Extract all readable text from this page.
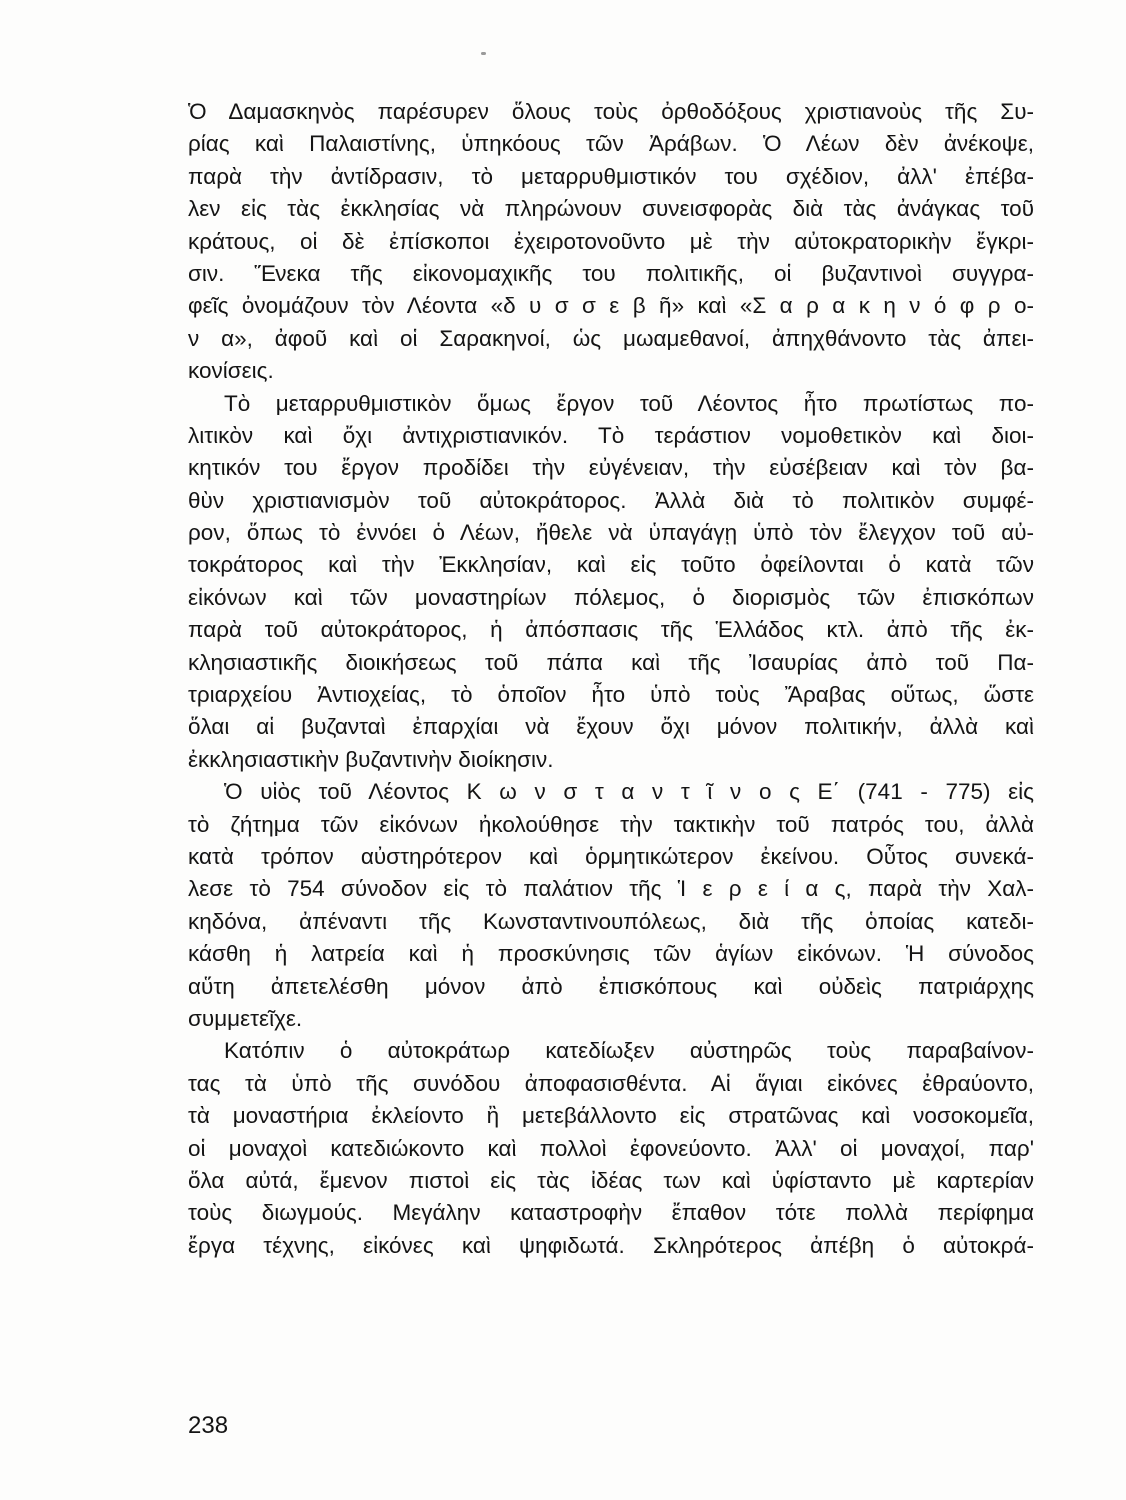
Ὁ Δαμασκηνὸς παρέσυρεν ὅλους τοὺς ὀρθοδόξους χριστιανοὺς τῆς Συ-
ρίας καὶ Παλαιστίνης, ὑπηκόους τῶν Ἀράβων. Ὁ Λέων δὲν ἀνέκοψε,
παρὰ τὴν ἀντίδρασιν, τὸ μεταρρυθμιστικόν του σχέδιον, ἀλλ' ἐπέβα-
λεν εἰς τὰς ἐκκλησίας νὰ πληρώνουν συνεισφορὰς διὰ τὰς ἀνάγκας τοῦ
κράτους, οἱ δὲ ἐπίσκοποι ἐχειροτονοῦντο μὲ τὴν αὐτοκρατορικὴν ἔγκρι-
σιν. Ἕνεκα τῆς εἰκονομαχικῆς του πολιτικῆς, οἱ βυζαντινοὶ συγγρα-
φεῖς ὀνομάζουν τὸν Λέοντα «δ υ σ σ ε β ῆ» καὶ «Σ α ρ α κ η ν ό φ ρ ο-
ν α», ἀφοῦ καὶ οἱ Σαρακηνοί, ὡς μωαμεθανοί, ἀπηχθάνοντο τὰς ἀπει-
κονίσεις.
Τὸ μεταρρυθμιστικὸν ὅμως ἔργον τοῦ Λέοντος ἦτο πρωτίστως πο-
λιτικὸν καὶ ὄχι ἀντιχριστιανικόν. Τὸ τεράστιον νομοθετικὸν καὶ διοι-
κητικόν του ἔργον προδίδει τὴν εὐγένειαν, τὴν εὐσέβειαν καὶ τὸν βα-
θὺν χριστιανισμὸν τοῦ αὐτοκράτορος. Ἀλλὰ διὰ τὸ πολιτικὸν συμφέ-
ρον, ὅπως τὸ ἐννόει ὁ Λέων, ἤθελε νὰ ὑπαγάγῃ ὑπὸ τὸν ἔλεγχον τοῦ αὐ-
τοκράτορος καὶ τὴν Ἐκκλησίαν, καὶ εἰς τοῦτο ὀφείλονται ὁ κατὰ τῶν
εἰκόνων καὶ τῶν μοναστηρίων πόλεμος, ὁ διορισμὸς τῶν ἐπισκόπων
παρὰ τοῦ αὐτοκράτορος, ἡ ἀπόσπασις τῆς Ἑλλάδος κτλ. ἀπὸ τῆς ἐκ-
κλησιαστικῆς διοικήσεως τοῦ πάπα καὶ τῆς Ἰσαυρίας ἀπὸ τοῦ Πα-
τριαρχείου Ἀντιοχείας, τὸ ὁποῖον ἦτο ὑπὸ τοὺς Ἄραβας οὕτως, ὥστε
ὅλαι αἱ βυζανταὶ ἐπαρχίαι νὰ ἔχουν ὄχι μόνον πολιτικήν, ἀλλὰ καὶ
ἐκκλησιαστικὴν βυζαντινὴν διοίκησιν.
Ὁ υἱὸς τοῦ Λέοντος Κ ω ν σ τ α ν τ ῖ ν ο ς Ε΄ (741 - 775) εἰς
τὸ ζήτημα τῶν εἰκόνων ἠκολούθησε τὴν τακτικὴν τοῦ πατρός του, ἀλλὰ
κατὰ τρόπον αὐστηρότερον καὶ ὁρμητικώτερον ἐκείνου. Οὗτος συνεκά-
λεσε τὸ 754 σύνοδον εἰς τὸ παλάτιον τῆς Ἱ ε ρ ε ί α ς, παρὰ τὴν Χαλ-
κηδόνα, ἀπέναντι τῆς Κωνσταντινουπόλεως, διὰ τῆς ὁποίας κατεδι-
κάσθη ἡ λατρεία καὶ ἡ προσκύνησις τῶν ἁγίων εἰκόνων. Ἡ σύνοδος
αὕτη ἀπετελέσθη μόνον ἀπὸ ἐπισκόπους καὶ οὐδεὶς πατριάρχης
συμμετεῖχε.
Κατόπιν ὁ αὐτοκράτωρ κατεδίωξεν αὐστηρῶς τοὺς παραβαίνον-
τας τὰ ὑπὸ τῆς συνόδου ἀποφασισθέντα. Αἱ ἅγιαι εἰκόνες ἐθραύοντο,
τὰ μοναστήρια ἐκλείοντο ἢ μετεβάλλοντο εἰς στρατῶνας καὶ νοσοκομεῖα,
οἱ μοναχοὶ κατεδιώκοντο καὶ πολλοὶ ἐφονεύοντο. Ἀλλ' οἱ μοναχοί, παρ'
ὅλα αὐτά, ἔμενον πιστοὶ εἰς τὰς ἰδέας των καὶ ὑφίσταντο μὲ καρτερίαν
τοὺς διωγμούς. Μεγάλην καταστροφὴν ἔπαθον τότε πολλὰ περίφημα
ἔργα τέχνης, εἰκόνες καὶ ψηφιδωτά. Σκληρότερος ἀπέβη ὁ αὐτοκρά-
238
